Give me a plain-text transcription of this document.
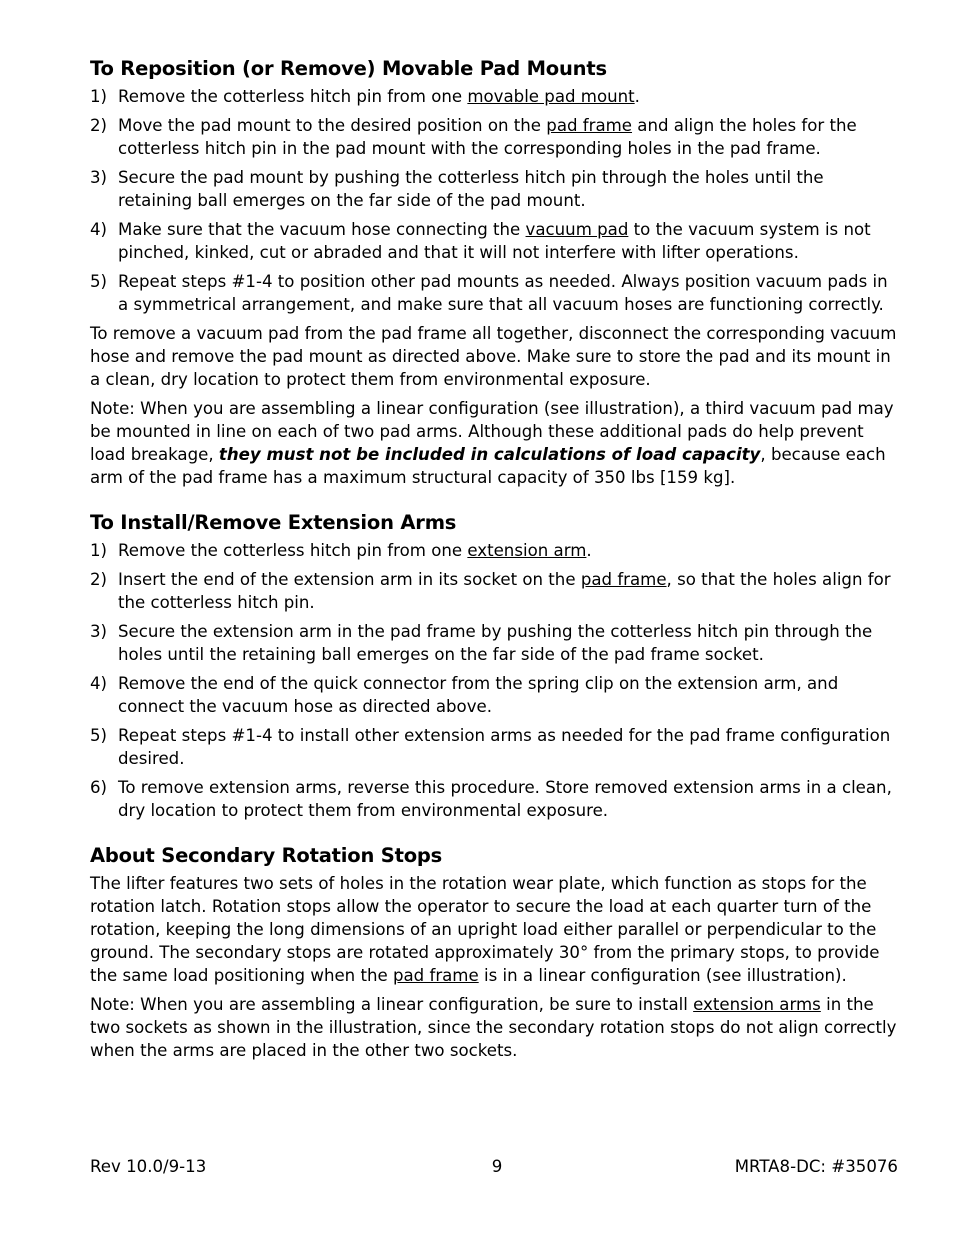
To Reposition (or Remove) Movable Pad Mounts
1) Remove the cotterless hitch pin from one movable pad mount.
2) Move the pad mount to the desired position on the pad frame and align the holes for the cotterless hitch pin in the pad mount with the corresponding holes in the pad frame.
3) Secure the pad mount by pushing the cotterless hitch pin through the holes until the retaining ball emerges on the far side of the pad mount.
4) Make sure that the vacuum hose connecting the vacuum pad to the vacuum system is not pinched, kinked, cut or abraded and that it will not interfere with lifter operations.
5) Repeat steps #1-4 to position other pad mounts as needed. Always position vacuum pads in a symmetrical arrangement, and make sure that all vacuum hoses are functioning correctly.

To remove a vacuum pad from the pad frame all together, disconnect the corresponding vacuum hose and remove the pad mount as directed above. Make sure to store the pad and its mount in a clean, dry location to protect them from environmental exposure.

Note: When you are assembling a linear configuration (see illustration), a third vacuum pad may be mounted in line on each of two pad arms. Although these additional pads do help prevent load breakage, they must not be included in calculations of load capacity, because each arm of the pad frame has a maximum structural capacity of 350 lbs [159 kg].

To Install/Remove Extension Arms
1) Remove the cotterless hitch pin from one extension arm.
2) Insert the end of the extension arm in its socket on the pad frame, so that the holes align for the cotterless hitch pin.
3) Secure the extension arm in the pad frame by pushing the cotterless hitch pin through the holes until the retaining ball emerges on the far side of the pad frame socket.
4) Remove the end of the quick connector from the spring clip on the extension arm, and connect the vacuum hose as directed above.
5) Repeat steps #1-4 to install other extension arms as needed for the pad frame configuration desired.
6) To remove extension arms, reverse this procedure. Store removed extension arms in a clean, dry location to protect them from environmental exposure.
About Secondary Rotation Stops

The lifter features two sets of holes in the rotation wear plate, which function as stops for the rotation latch. Rotation stops allow the operator to secure the load at each quarter turn of the rotation, keeping the long dimensions of an upright load either parallel or perpendicular to the ground. The secondary stops are rotated approximately 30° from the primary stops, to provide the same load positioning when the pad frame is in a linear configuration (see illustration).

Note: When you are assembling a linear configuration, be sure to install extension arms in the two sockets as shown in the illustration, since the secondary rotation stops do not align correctly when the arms are placed in the other two sockets.

Rev 10.0/9-13	9	MRTA8-DC: #35076
